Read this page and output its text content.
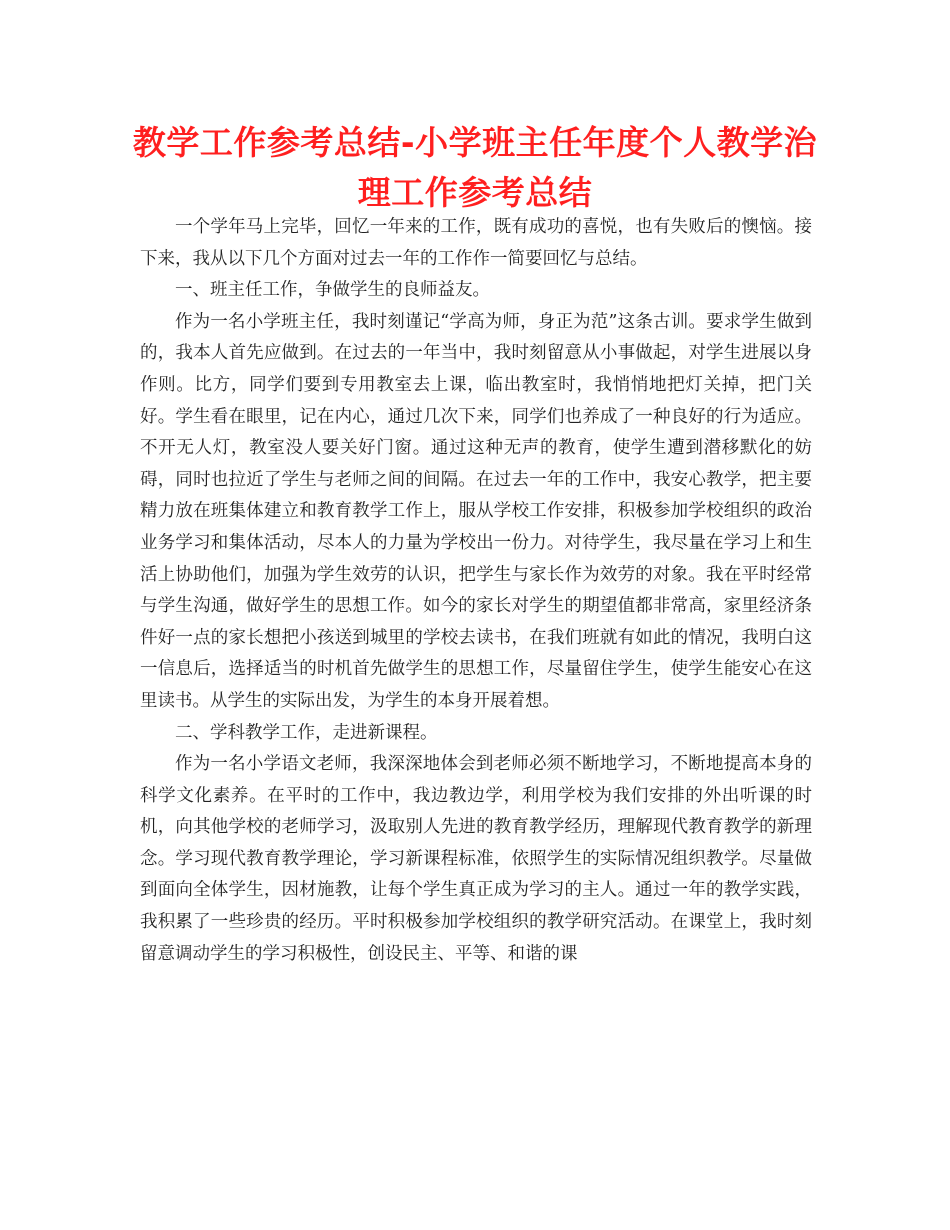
教学工作参考总结-小学班主任年度个人教学治理工作参考总结

一个学年马上完毕，回忆一年来的工作，既有成功的喜悦，也有失败后的懊恼。接下来，我从以下几个方面对过去一年的工作作一简要回忆与总结。

一、班主任工作，争做学生的良师益友。

作为一名小学班主任，我时刻谨记“学高为师，身正为范”这条古训。要求学生做到的，我本人首先应做到。在过去的一年当中，我时刻留意从小事做起，对学生进展以身作则。比方，同学们要到专用教室去上课，临出教室时，我悄悄地把灯关掉，把门关好。学生看在眼里，记在内心，通过几次下来，同学们也养成了一种良好的行为适应。不开无人灯，教室没人要关好门窗。通过这种无声的教育，使学生遭到潜移默化的妨碍，同时也拉近了学生与老师之间的间隔。在过去一年的工作中，我安心教学，把主要精力放在班集体建立和教育教学工作上，服从学校工作安排，积极参加学校组织的政治业务学习和集体活动，尽本人的力量为学校出一份力。对待学生，我尽量在学习上和生活上协助他们，加强为学生效劳的认识，把学生与家长作为效劳的对象。我在平时经常与学生沟通，做好学生的思想工作。如今的家长对学生的期望值都非常高，家里经济条件好一点的家长想把小孩送到城里的学校去读书，在我们班就有如此的情况，我明白这一信息后，选择适当的时机首先做学生的思想工作，尽量留住学生，使学生能安心在这里读书。从学生的实际出发，为学生的本身开展着想。

二、学科教学工作，走进新课程。

作为一名小学语文老师，我深深地体会到老师必须不断地学习，不断地提高本身的科学文化素养。在平时的工作中，我边教边学，利用学校为我们安排的外出听课的时机，向其他学校的老师学习，汲取别人先进的教育教学经历，理解现代教育教学的新理念。学习现代教育教学理论，学习新课程标准，依照学生的实际情况组织教学。尽量做到面向全体学生，因材施教，让每个学生真正成为学习的主人。通过一年的教学实践，我积累了一些珍贵的经历。平时积极参加学校组织的教学研究活动。在课堂上，我时刻留意调动学生的学习积极性，创设民主、平等、和谐的课
